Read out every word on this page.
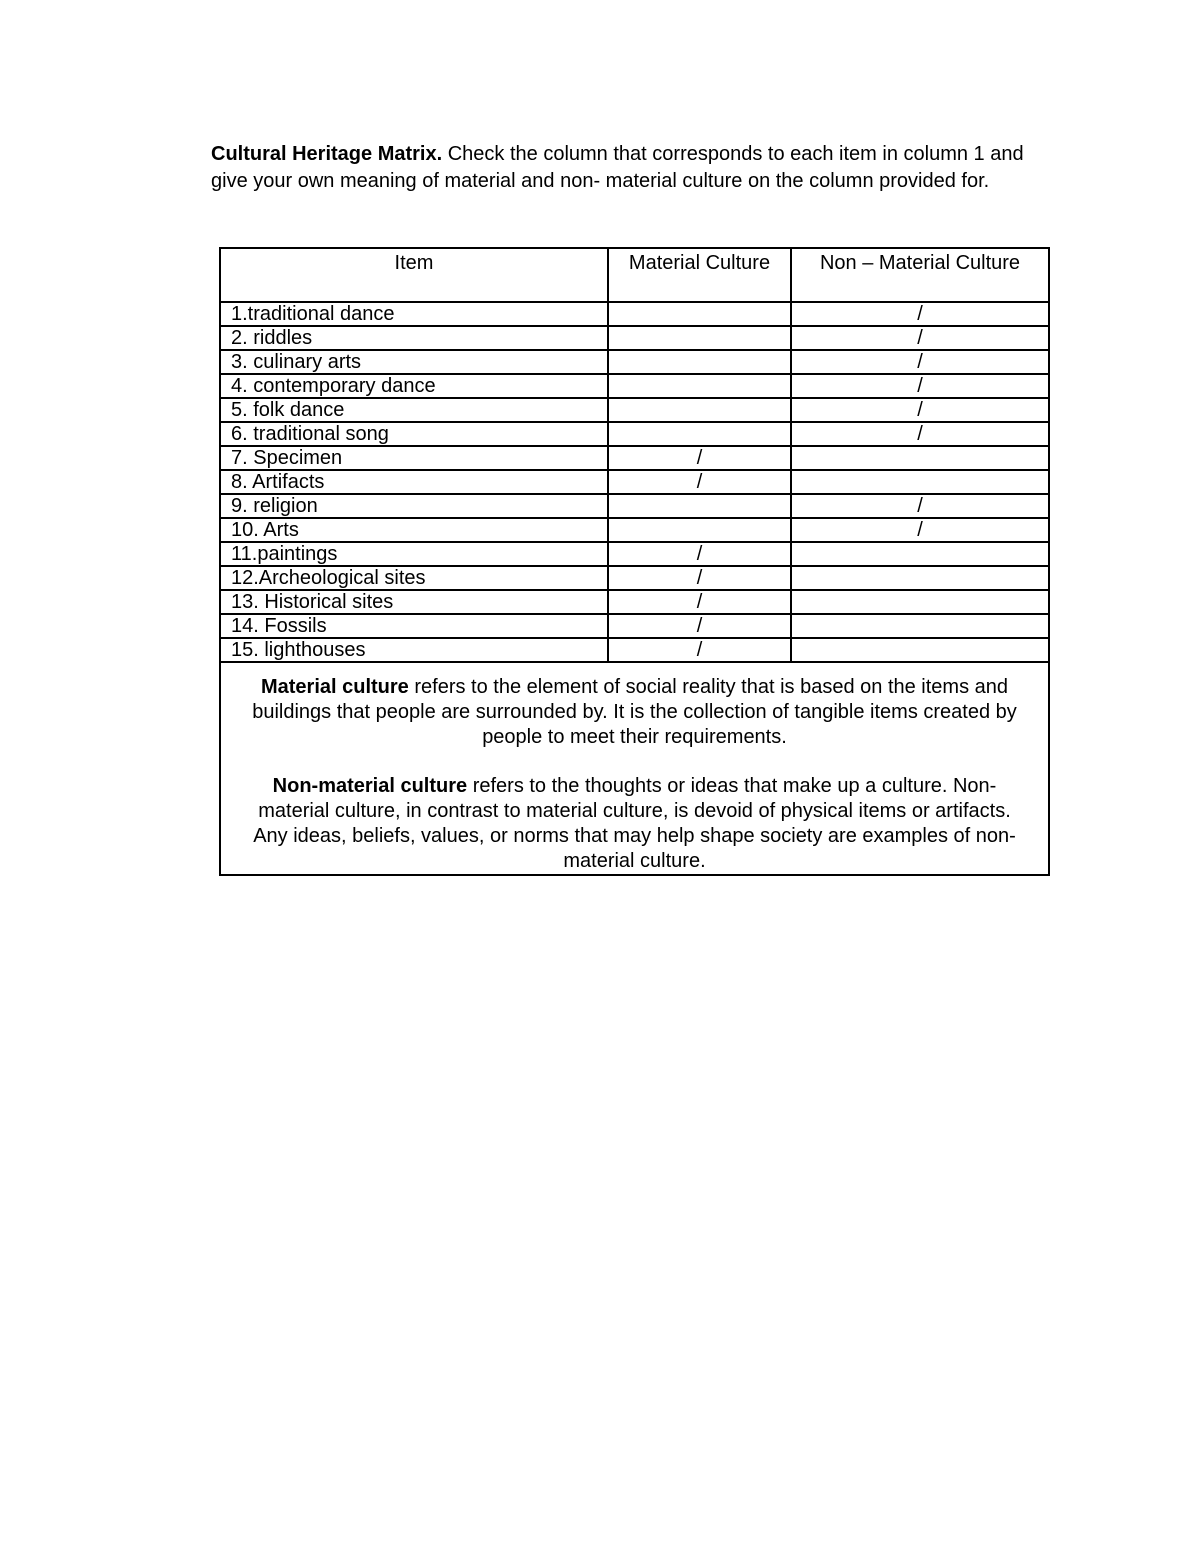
Cultural Heritage Matrix. Check the column that corresponds to each item in column 1 and give your own meaning of material and non- material culture on the column provided for.

Item	Material Culture	Non – Material Culture
1.traditional dance		/
2. riddles		/
3. culinary arts		/
4. contemporary dance		/
5. folk dance		/
6. traditional song		/
7. Specimen	/	
8. Artifacts	/	
9. religion		/
10. Arts		/
11.paintings	/	
12.Archeological sites	/	
13. Historical sites	/	
14. Fossils	/	
15. lighthouses	/	

Material culture refers to the element of social reality that is based on the items and buildings that people are surrounded by. It is the collection of tangible items created by people to meet their requirements.

Non-material culture refers to the thoughts or ideas that make up a culture. Non-material culture, in contrast to material culture, is devoid of physical items or artifacts. Any ideas, beliefs, values, or norms that may help shape society are examples of non-material culture.		
